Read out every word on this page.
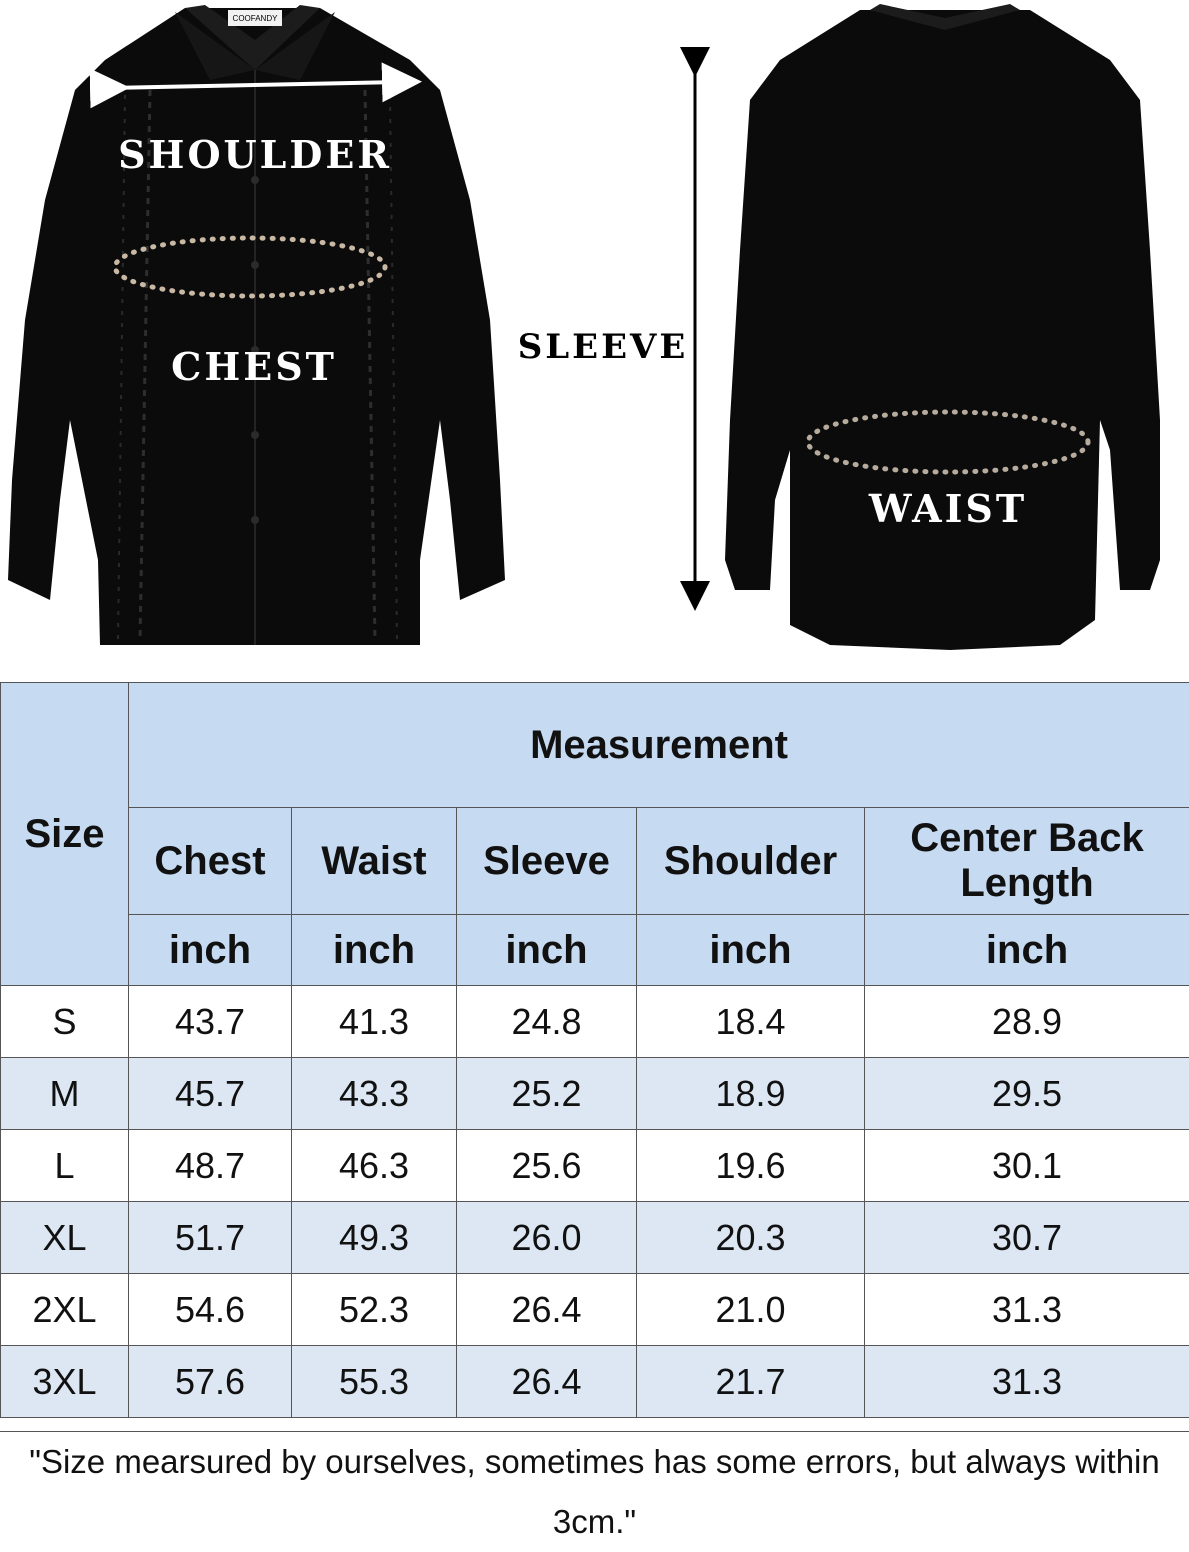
COOFANDY
SHOULDER
CHEST	SLEEVE
WAIST
Size	Measurement				
	Chest	Waist	Sleeve	Shoulder	Center Back Length
	inch	inch	inch	inch	inch
S	43.7	41.3	24.8	18.4	28.9
M	45.7	43.3	25.2	18.9	29.5
L	48.7	46.3	25.6	19.6	30.1
XL	51.7	49.3	26.0	20.3	30.7
2XL	54.6	52.3	26.4	21.0	31.3
3XL	57.6	55.3	26.4	21.7	31.3
"Size mearsured by ourselves, sometimes has some errors, but always within 3cm."
